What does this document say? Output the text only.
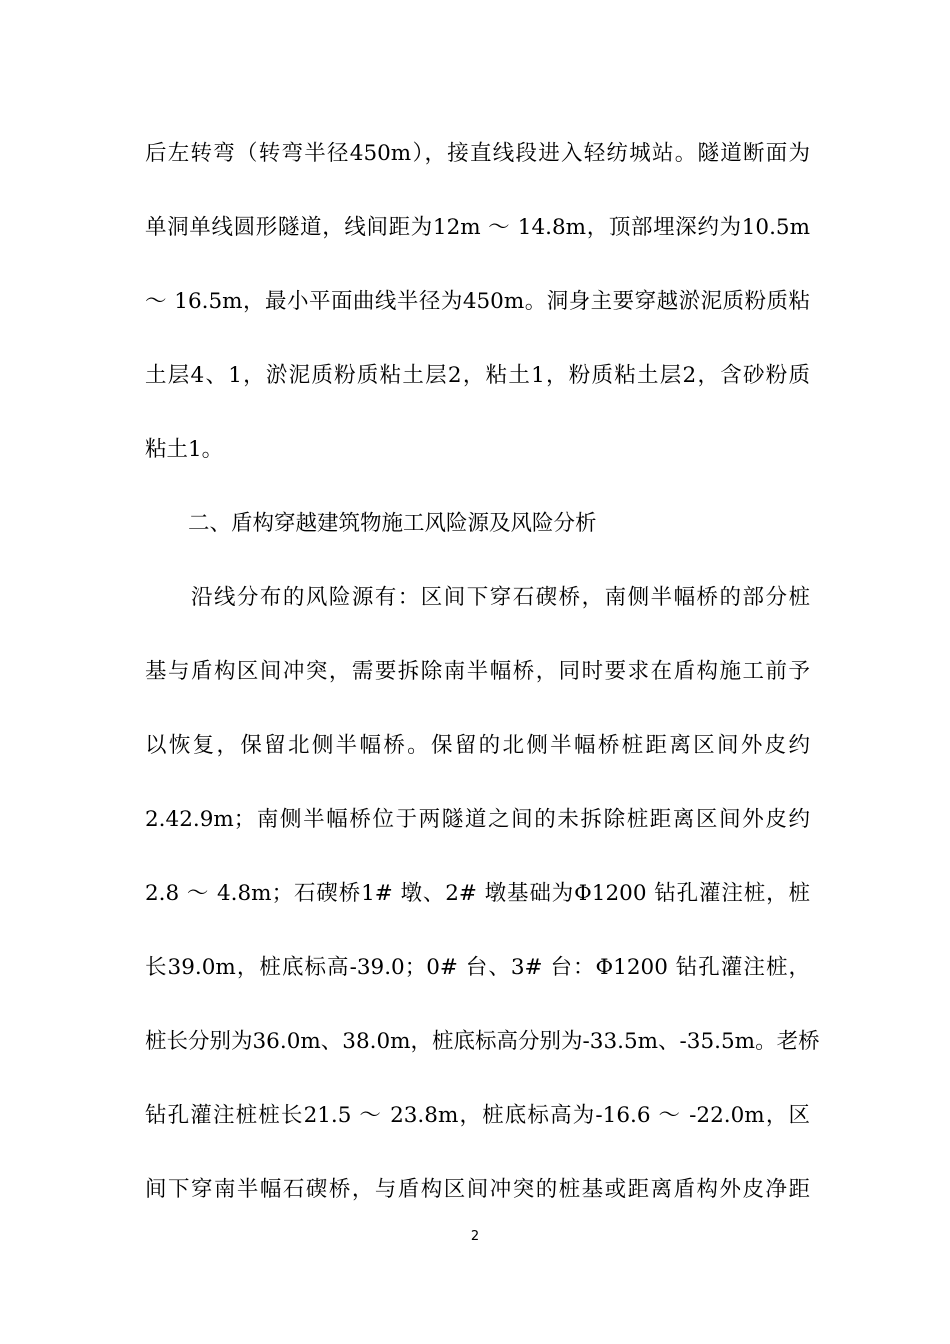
后左转弯（转弯半径450m），接直线段进入轻纺城站。隧道断面为
单洞单线圆形隧道，线间距为12m ～ 14.8m，顶部埋深约为10.5m
～ 16.5m，最小平面曲线半径为450m。洞身主要穿越淤泥质粉质粘
土层4、1，淤泥质粉质粘土层2，粘土1，粉质粘土层2，含砂粉质
粘土1。
　　二、盾构穿越建筑物施工风险源及风险分析
　　沿线分布的风险源有：区间下穿石碶桥，南侧半幅桥的部分桩
基与盾构区间冲突，需要拆除南半幅桥，同时要求在盾构施工前予
以恢复，保留北侧半幅桥。保留的北侧半幅桥桩距离区间外皮约
2.42.9m；南侧半幅桥位于两隧道之间的未拆除桩距离区间外皮约
2.8 ～ 4.8m；石碶桥1# 墩、2# 墩基础为Φ1200 钻孔灌注桩，桩
长39.0m，桩底标高-39.0；0# 台、3# 台：Φ1200 钻孔灌注桩，
桩长分别为36.0m、38.0m，桩底标高分别为-33.5m、-35.5m。老桥
钻孔灌注桩桩长21.5 ～ 23.8m，桩底标高为-16.6 ～ -22.0m，区
间下穿南半幅石碶桥，与盾构区间冲突的桩基或距离盾构外皮净距
2
